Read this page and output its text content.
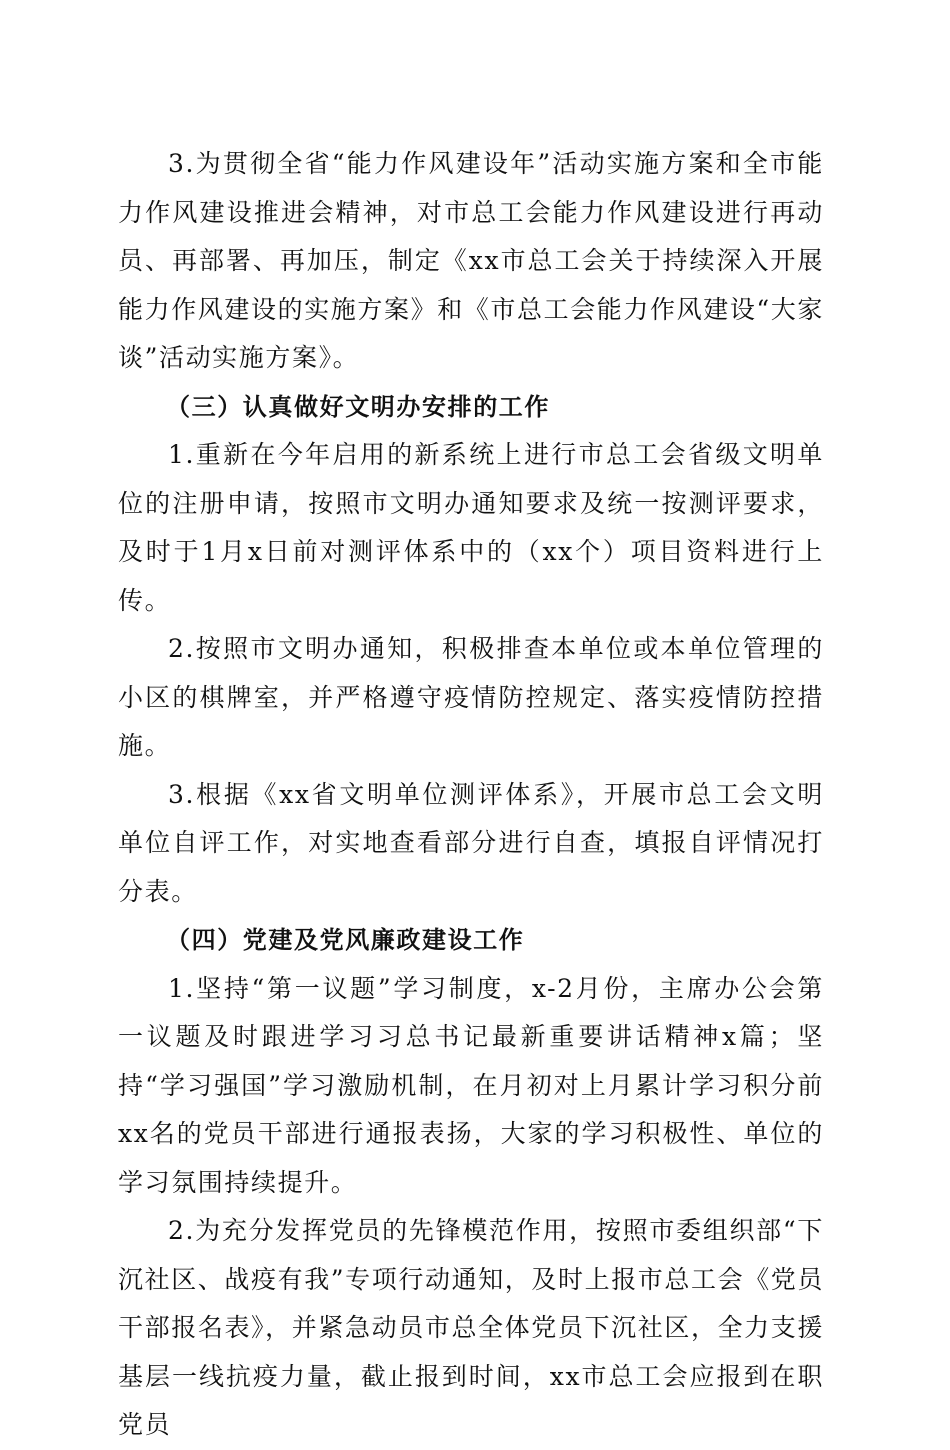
3.为贯彻全省“能力作风建设年”活动实施方案和全市能力作风建设推进会精神，对市总工会能力作风建设进行再动员、再部署、再加压，制定《xx市总工会关于持续深入开展能力作风建设的实施方案》和《市总工会能力作风建设“大家谈”活动实施方案》。

（三）认真做好文明办安排的工作

1.重新在今年启用的新系统上进行市总工会省级文明单位的注册申请，按照市文明办通知要求及统一按测评要求，及时于1月x日前对测评体系中的（xx个）项目资料进行上传。

2.按照市文明办通知，积极排查本单位或本单位管理的小区的棋牌室，并严格遵守疫情防控规定、落实疫情防控措施。

3.根据《xx省文明单位测评体系》，开展市总工会文明单位自评工作，对实地查看部分进行自查，填报自评情况打分表。

（四）党建及党风廉政建设工作

1.坚持“第一议题”学习制度，x-2月份，主席办公会第一议题及时跟进学习习总书记最新重要讲话精神x篇；坚持“学习强国”学习激励机制，在月初对上月累计学习积分前xx名的党员干部进行通报表扬，大家的学习积极性、单位的学习氛围持续提升。

2.为充分发挥党员的先锋模范作用，按照市委组织部“下沉社区、战疫有我”专项行动通知，及时上报市总工会《党员干部报名表》，并紧急动员市总全体党员下沉社区，全力支援基层一线抗疫力量，截止报到时间，xx市总工会应报到在职党员
